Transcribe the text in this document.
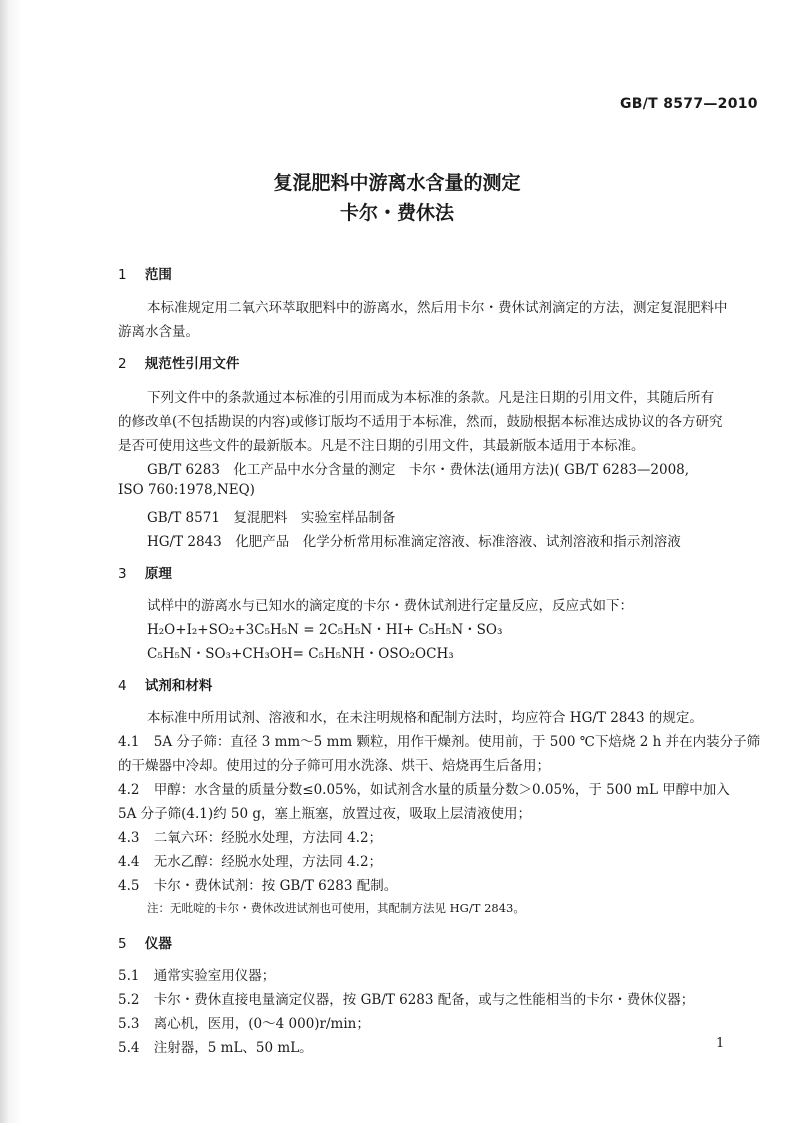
GB/T 8577—2010
复混肥料中游离水含量的测定
卡尔・费休法
1 范围
本标准规定用二氧六环萃取肥料中的游离水，然后用卡尔・费休试剂滴定的方法，测定复混肥料中
游离水含量。
2 规范性引用文件
下列文件中的条款通过本标准的引用而成为本标准的条款。凡是注日期的引用文件，其随后所有
的修改单(不包括勘误的内容)或修订版均不适用于本标准，然而，鼓励根据本标准达成协议的各方研究
是否可使用这些文件的最新版本。凡是不注日期的引用文件，其最新版本适用于本标准。
GB/T 6283　化工产品中水分含量的测定　卡尔・费休法(通用方法)( GB/T 6283—2008,
ISO 760:1978,NEQ)
GB/T 8571　复混肥料　实验室样品制备
HG/T 2843　化肥产品　化学分析常用标准滴定溶液、标准溶液、试剂溶液和指示剂溶液
3 原理
试样中的游离水与已知水的滴定度的卡尔・费休试剂进行定量反应，反应式如下：
H₂O+I₂+SO₂+3C₅H₅N = 2C₅H₅N・HI+ C₅H₅N・SO₃
C₅H₅N・SO₃+CH₃OH= C₅H₅NH・OSO₂OCH₃
4 试剂和材料
本标准中所用试剂、溶液和水，在未注明规格和配制方法时，均应符合 HG/T 2843 的规定。
4.1 5A 分子筛：直径 3 mm～5 mm 颗粒，用作干燥剂。使用前，于 500 ℃下焙烧 2 h 并在内装分子筛
的干燥器中冷却。使用过的分子筛可用水洗涤、烘干、焙烧再生后备用；
4.2 甲醇：水含量的质量分数≤0.05%，如试剂含水量的质量分数＞0.05%，于 500 mL 甲醇中加入
5A 分子筛(4.1)约 50 g，塞上瓶塞，放置过夜，吸取上层清液使用；
4.3 二氧六环：经脱水处理，方法同 4.2；
4.4 无水乙醇：经脱水处理，方法同 4.2；
4.5 卡尔・费休试剂：按 GB/T 6283 配制。
注：无吡啶的卡尔・费休改进试剂也可使用，其配制方法见 HG/T 2843。
5 仪器
5.1 通常实验室用仪器；
5.2 卡尔・费休直接电量滴定仪器，按 GB/T 6283 配备，或与之性能相当的卡尔・费休仪器；
5.3 离心机，医用，(0～4 000)r/min；
5.4 注射器，5 mL、50 mL。	1
